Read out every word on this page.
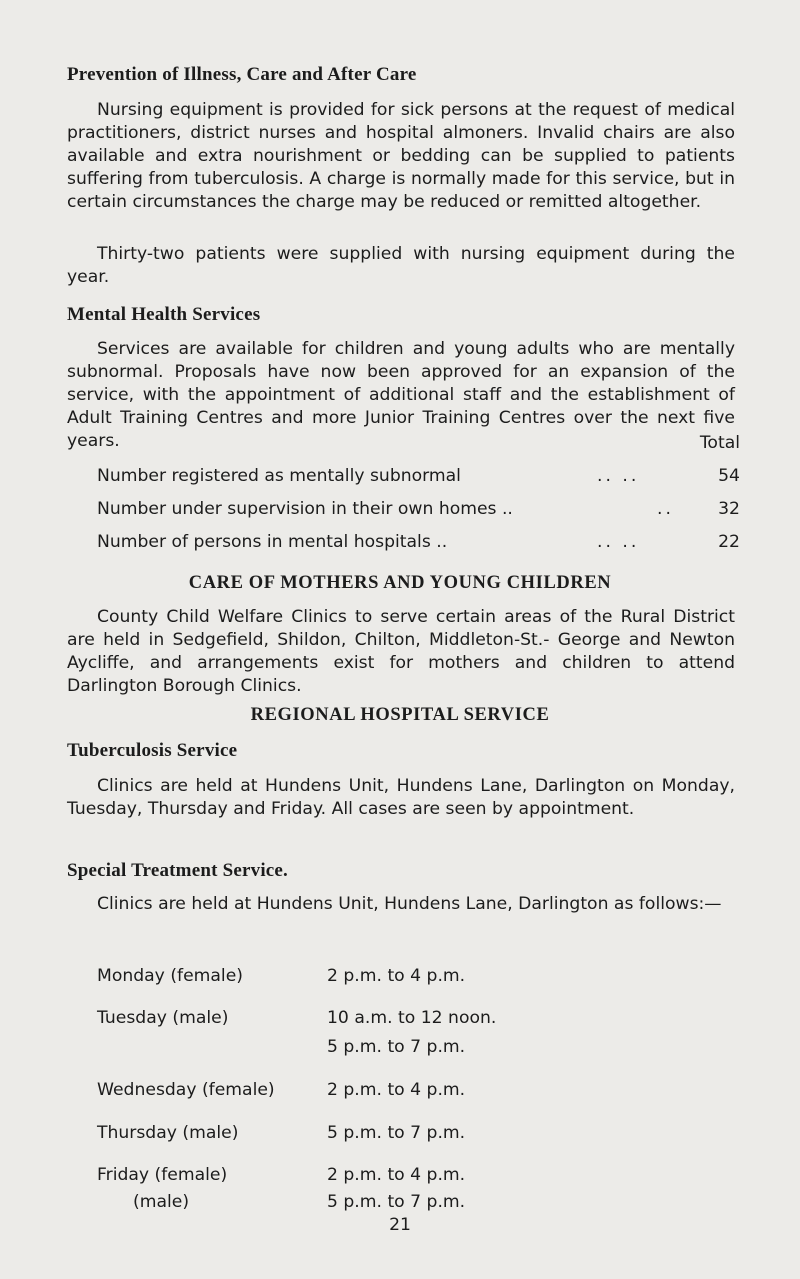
Prevention of Illness, Care and After Care
Nursing equipment is provided for sick persons at the request of medical practitioners, district nurses and hospital almoners. Invalid chairs are also available and extra nourishment or bedding can be supplied to patients suffering from tuberculosis. A charge is normally made for this service, but in certain circumstances the charge may be reduced or remitted altogether.
Thirty-two patients were supplied with nursing equipment during the year.
Mental Health Services
Services are available for children and young adults who are mentally subnormal. Proposals have now been approved for an expansion of the service, with the appointment of additional staff and the establishment of Adult Training Centres and more Junior Training Centres over the next five years.	Total
Number registered as mentally subnormal	.. ..	54
Number under supervision in their own homes ..	..	32
Number of persons in mental hospitals ..	.. ..	22
CARE OF MOTHERS AND YOUNG CHILDREN
County Child Welfare Clinics to serve certain areas of the Rural District are held in Sedgefield, Shildon, Chilton, Middleton-St.- George and Newton Aycliffe, and arrangements exist for mothers and children to attend Darlington Borough Clinics.
REGIONAL HOSPITAL SERVICE
Tuberculosis Service
Clinics are held at Hundens Unit, Hundens Lane, Darlington on Monday, Tuesday, Thursday and Friday. All cases are seen by appointment.
Special Treatment Service.
Clinics are held at Hundens Unit, Hundens Lane, Darlington as follows:—
Monday (female)	2 p.m. to 4 p.m.
Tuesday (male)	10 a.m. to 12 noon.
5 p.m. to 7 p.m.
Wednesday (female)	2 p.m. to 4 p.m.
Thursday (male)	5 p.m. to 7 p.m.
Friday (female)	2 p.m. to 4 p.m.
(male)	5 p.m. to 7 p.m.
21
